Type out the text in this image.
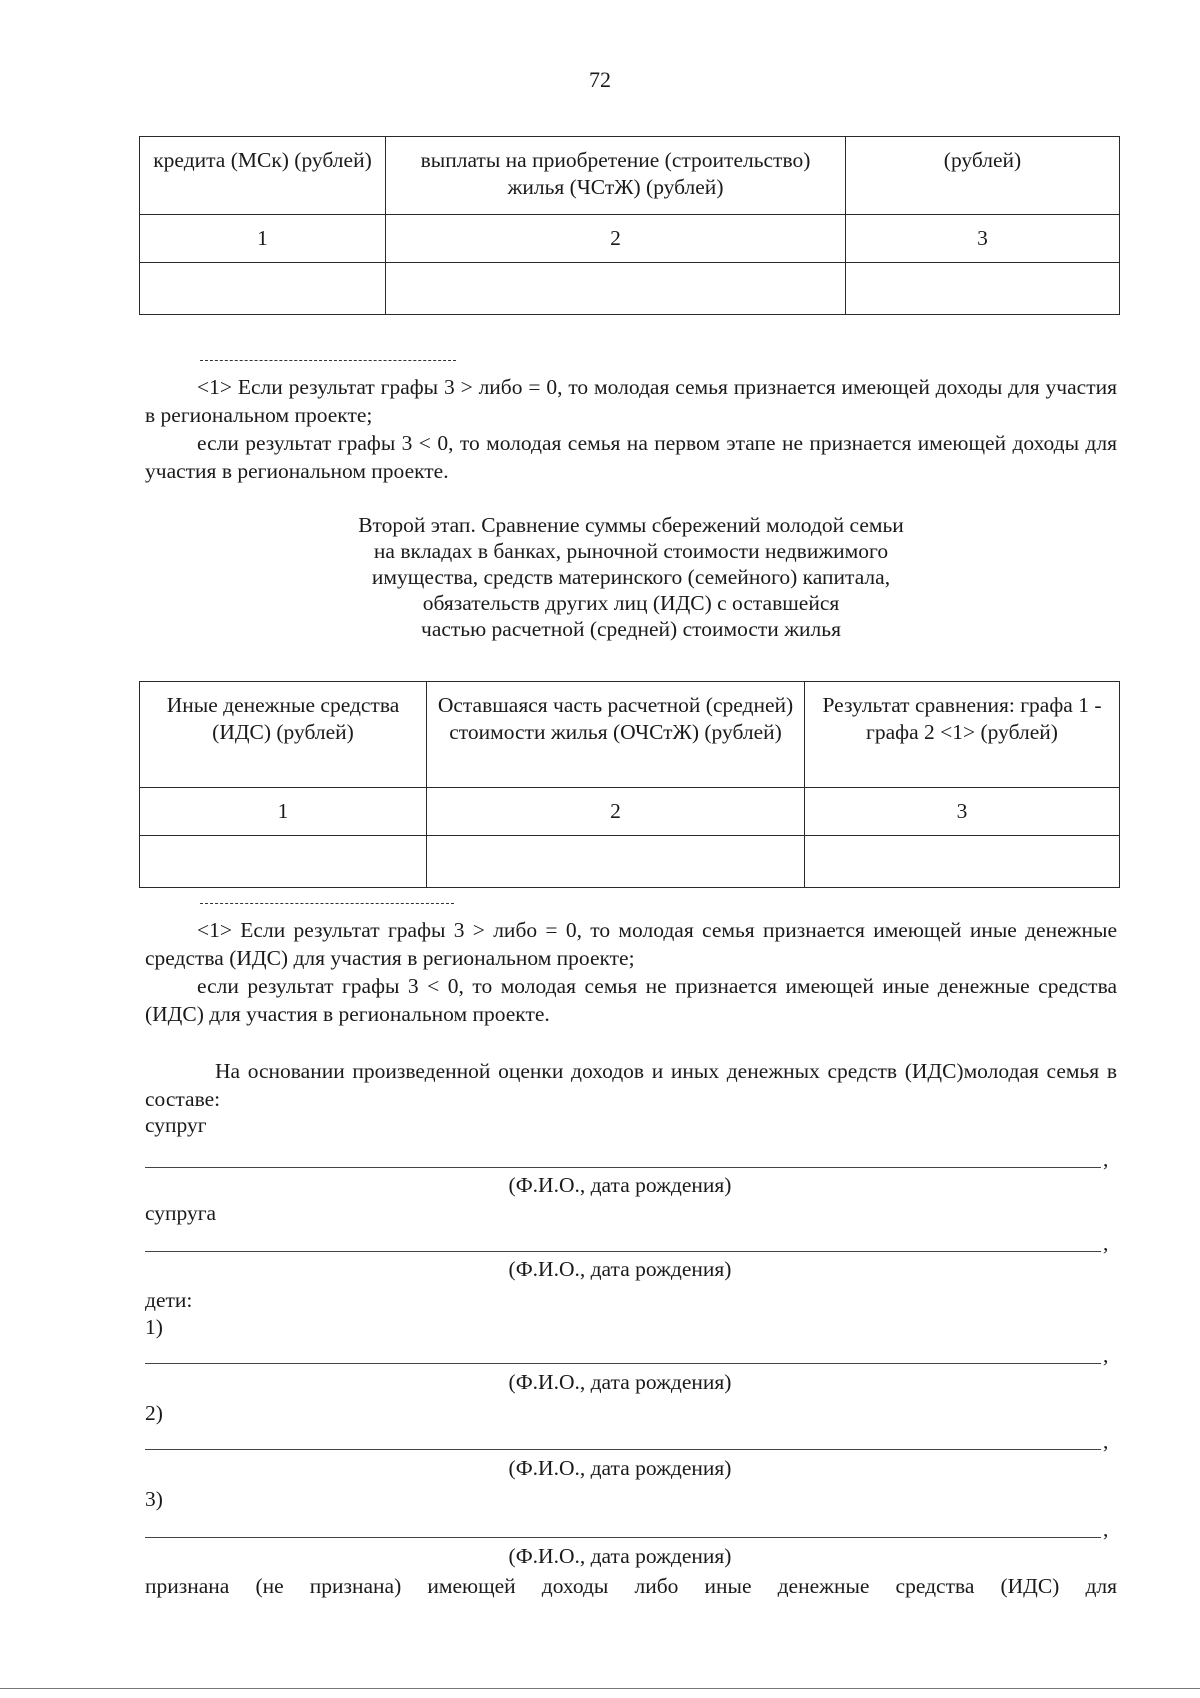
72
кредита (МСк) (рублей)	выплаты на приобретение (строительство) жилья (ЧСтЖ) (рублей)	(рублей)
1	2	3

<1> Если результат графы 3 > либо = 0, то молодая семья признается имеющей доходы для участия в региональном проекте;
если результат графы 3 < 0, то молодая семья на первом этапе не признается имеющей доходы для участия в региональном проекте.
Второй этап. Сравнение суммы сбережений молодой семьи
на вкладах в банках, рыночной стоимости недвижимого
имущества, средств материнского (семейного) капитала,
обязательств других лиц (ИДС) с оставшейся
частью расчетной (средней) стоимости жилья
Иные денежные средства (ИДС) (рублей)	Оставшаяся часть расчетной (средней) стоимости жилья (ОЧСтЖ) (рублей)	Результат сравнения: графа 1 - графа 2 <1> (рублей)
1	2	3

<1> Если результат графы 3 > либо = 0, то молодая семья признается имеющей иные денежные средства (ИДС) для участия в региональном проекте;
если результат графы 3 < 0, то молодая семья не признается имеющей иные денежные средства (ИДС) для участия в региональном проекте.
На основании произведенной оценки доходов и иных денежных средств (ИДС)молодая семья в составе:
супруг
,
(Ф.И.О., дата рождения)
супруга
,
(Ф.И.О., дата рождения)
дети:
1)
,
(Ф.И.О., дата рождения)
2)
,
(Ф.И.О., дата рождения)
3)
,
(Ф.И.О., дата рождения)
признана (не признана) имеющей доходы либо иные денежные средства (ИДС) для
